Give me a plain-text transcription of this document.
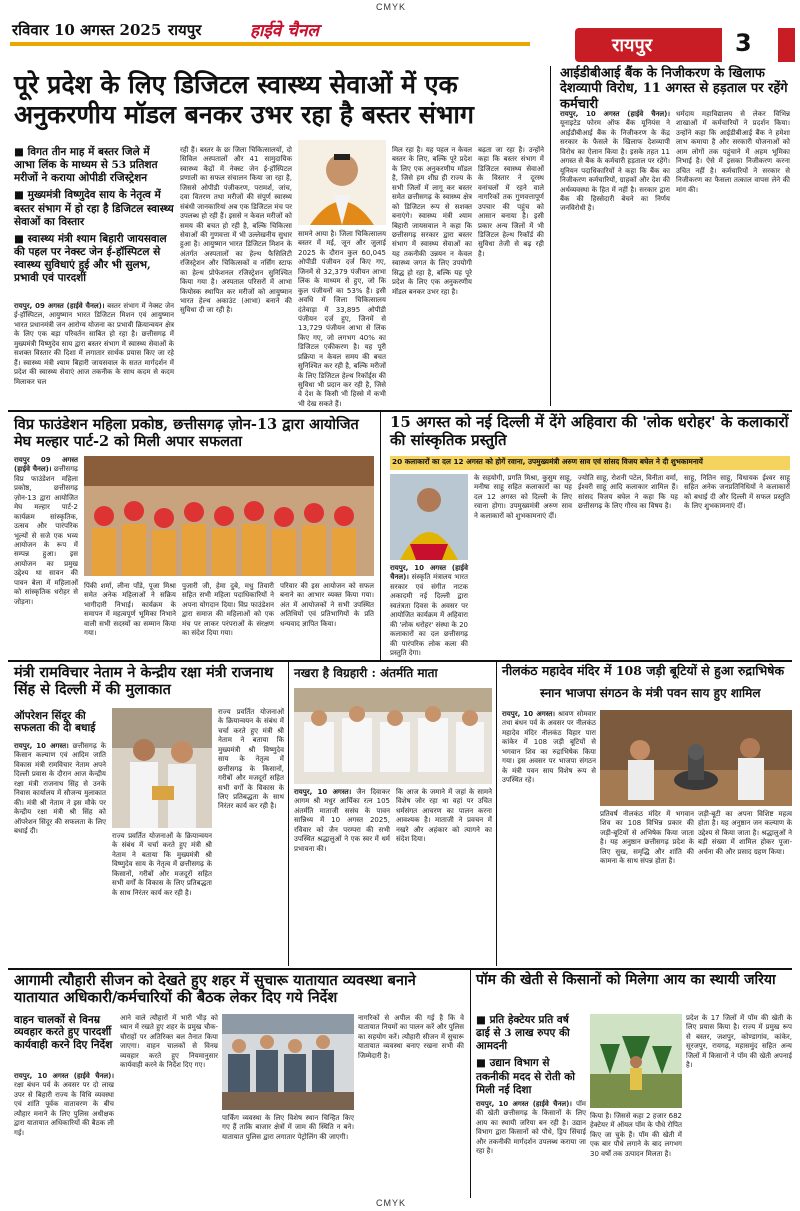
CMYK
CMYK
रविवार 10 अगस्त 2025 रायपुर	हाईवे चैनल
रायपुर	3
पूरे प्रदेश के लिए डिजिटल स्वास्थ्य सेवाओं में एक अनुकरणीय मॉडल बनकर उभर रहा है बस्तर संभाग
■ विगत तीन माह में बस्तर जिले में आभा लिंक के माध्यम से 53 प्रतिशत मरीजों ने कराया ओपीडी रजिस्ट्रेशन
■ मुख्यमंत्री विष्णुदेव साय के नेतृत्व में बस्तर संभाग में हो रहा है डिजिटल स्वास्थ्य सेवाओं का विस्तार
■ स्वास्थ्य मंत्री श्याम बिहारी जायसवाल की पहल पर नेक्स्ट जेन ई-हॉस्पिटल से स्वास्थ्य सुविधाएं हुई और भी सुलभ, प्रभावी एवं पारदर्शी
रायपुर, 09 अगस्त (हाईवे चैनल)। बस्तर संभाग में नेक्स्ट जेन ई-हॉस्पिटल, आयुष्मान भारत डिजिटल मिशन एवं आयुष्मान भारत प्रधानमंत्री जन आरोग्य योजना का प्रभावी क्रियान्वयन क्षेत्र के लिए एक बड़ा परिवर्तन साबित हो रहा है। छत्तीसगढ़ में मुख्यमंत्री विष्णुदेव साय द्वारा बस्तर संभाग में स्वास्थ्य सेवाओं के सशक्त विस्तार की दिशा में लगातार सार्थक प्रयास किए जा रहे हैं। स्वास्थ्य मंत्री श्याम बिहारी जायसवाल के सतत मार्गदर्शन में प्रदेश की स्वास्थ्य सेवाएं आज तकनीक के साथ कदम से कदम मिलाकर चल
रही हैं। बस्तर के छः जिला चिकित्सालयों, दो सिविल अस्पतालों और 41 सामुदायिक स्वास्थ्य केंद्रों में नेक्स्ट जेन ई-हॉस्पिटल प्रणाली का सफल संचालन किया जा रहा है, जिससे ओपीडी पंजीकरण, परामर्श, जांच, दवा वितरण तथा मरीजों की संपूर्ण स्वास्थ्य संबंधी जानकारियां अब एक डिजिटल मंच पर उपलब्ध हो रही हैं। इससे न केवल मरीजों को समय की बचत हो रही है, बल्कि चिकित्सा सेवाओं की गुणवत्ता में भी उल्लेखनीय सुधार हुआ है। आयुष्मान भारत डिजिटल मिशन के अंतर्गत अस्पतालों का हेल्थ फैसिलिटी रजिस्ट्रेशन और चिकित्सकों व नर्सिंग स्टाफ का हेल्थ प्रोफेशनल रजिस्ट्रेशन सुनिश्चित किया गया है। अस्पताल परिसरों में आभा कियोस्क स्थापित कर मरीजों को आयुष्मान भारत हेल्थ अकाउंट (आभा) बनाने की सुविधा दी जा रही है।
सामने आया है। जिला चिकित्सालय बस्तर में मई, जून और जुलाई 2025 के दौरान कुल 60,045 ओपीडी पंजीयन दर्ज किए गए, जिनमें से 32,379 पंजीयन आभा लिंक के माध्यम से हुए, जो कि कुल पंजीयनों का 53% है। इसी अवधि में जिला चिकित्सालय दंतेवाड़ा में 33,895 ओपीडी पंजीयन दर्ज हुए, जिनमें से 13,729 पंजीयन आभा से लिंक किए गए, जो लगभग 40% का डिजिटल एकीकरण है। यह पूरी प्रक्रिया न केवल समय की बचत सुनिश्चित कर रही है, बल्कि मरीजों के लिए डिजिटल हेल्थ रिकॉर्ड्स की सुविधा भी प्रदान कर रही है, जिसे वे देश के किसी भी हिस्से में कभी भी देख सकते हैं।
मिल रहा है। यह पहल न केवल बस्तर के लिए, बल्कि पूरे प्रदेश के लिए एक अनुकरणीय मॉडल है, जिसे हम शीघ्र ही राज्य के सभी जिलों में लागू कर बस्तर समेत छत्तीसगढ़ के स्वास्थ्य क्षेत्र को डिजिटल रूप से सशक्त बनाएंगे। स्वास्थ्य मंत्री श्याम बिहारी जायसवाल ने कहा कि छत्तीसगढ़ सरकार द्वारा बस्तर संभाग में स्वास्थ्य सेवाओं का यह तकनीकी उन्नयन न केवल स्वास्थ्य जगत के लिए उपयोगी सिद्ध हो रहा है, बल्कि यह पूरे प्रदेश के लिए एक अनुकरणीय मॉडल बनकर उभर रहा है।
बढ़ता जा रहा है। उन्होंने कहा कि बस्तर संभाग में डिजिटल स्वास्थ्य सेवाओं के विस्तार ने दूरस्थ वनांचलों में रहने वाले नागरिकों तक गुणवत्तापूर्ण उपचार की पहुंच को आसान बनाया है। इसी प्रकार अन्य जिलों में भी डिजिटल हेल्थ रिकॉर्ड की सुविधा तेजी से बढ़ रही है।
आईडीबीआई बैंक के निजीकरण के खिलाफ देशव्यापी विरोध, 11 अगस्त से हड़ताल पर रहेंगे कर्मचारी
रायपुर, 10 अगस्त (हाईवे चैनल)। यूनाइटेड फोरम ऑफ बैंक यूनियंस ने आईडीबीआई बैंक के निजीकरण के केंद्र सरकार के फैसले के खिलाफ देशव्यापी विरोध का ऐलान किया है। इसके तहत 11 अगस्त से बैंक के कर्मचारी हड़ताल पर रहेंगे। यूनियन पदाधिकारियों ने कहा कि बैंक का निजीकरण कर्मचारियों, ग्राहकों और देश की अर्थव्यवस्था के हित में नहीं है। सरकार द्वारा बैंक की हिस्सेदारी बेचने का निर्णय जनविरोधी है।
धर्मदाय महाविद्यालय से लेकर विभिन्न शाखाओं में कर्मचारियों ने प्रदर्शन किया। उन्होंने कहा कि आईडीबीआई बैंक ने हमेशा लाभ कमाया है और सरकारी योजनाओं को आम लोगों तक पहुंचाने में अहम भूमिका निभाई है। ऐसे में इसका निजीकरण करना उचित नहीं है। कर्मचारियों ने सरकार से निजीकरण का फैसला तत्काल वापस लेने की मांग की।
विप्र फाउंडेशन महिला प्रकोष्ठ, छत्तीसगढ़ ज़ोन-13 द्वारा आयोजित मेघ मल्हार पार्ट-2 को मिली अपार सफलता
रायपुर 09 अगस्त (हाईवे चैनल)। छत्तीसगढ़ विप्र फाउंडेशन महिला प्रकोष्ठ, छत्तीसगढ़ ज़ोन-13 द्वारा आयोजित मेघ मल्हार पार्ट-2 कार्यक्रम सांस्कृतिक, उत्सव और पारंपरिक भूल्यों से सजे एक भव्य आयोजन के रूप में सम्पन्न हुआ। इस आयोजन का प्रमुख उद्देश्य था सावन की पावन बेला में महिलाओं को सांस्कृतिक धरोहर से जोड़ना।
पिंकी शर्मा, लीना पाँडे, पूजा मिश्रा समेत अनेक महिलाओं ने सक्रिय भागीदारी निभाई। कार्यक्रम के समापन में महत्वपूर्ण भूमिका निभाने वाली सभी सदस्यों का सम्मान किया गया।
पुजारी जी, हेमा दुबे, मधु तिवारी सहित सभी महिला पदाधिकारियों ने अपना योगदान दिया। विप्र फाउंडेशन द्वारा समाज की महिलाओं को एक मंच पर लाकर परंपराओं के संरक्षण का संदेश दिया गया।
परिवार की इस आयोजन को सफल बनाने का आभार व्यक्त किया गया। अंत में आयोजकों ने सभी उपस्थित अतिथियों एवं प्रतिभागियों के प्रति धन्यवाद ज्ञापित किया।
15 अगस्त को नई दिल्ली में देंगे अहिवारा की 'लोक धरोहर' के कलाकारों की सांस्कृतिक प्रस्तुति
20 कलाकारों का दल 12 अगस्त को होगें रवाना, उपमुख्यमंत्री अरुण साव एवं सांसद विजय बघेल ने दी शुभकामनायें
रायपुर, 10 अगस्त (हाईवे चैनल)। संस्कृति मंत्रालय भारत सरकार एवं संगीत नाटक अकादमी नई दिल्ली द्वारा स्वतंत्रता दिवस के अवसर पर आयोजित कार्यक्रम में अहिवारा की 'लोक धरोहर' संस्था के 20 कलाकारों का दल छत्तीसगढ़ की पारंपरिक लोक कला की प्रस्तुति देगा।
के सहयोगी, प्रगति मिश्रा, कुसुम साहू, मनीषा साहू सहित कलाकारों का यह दल 12 अगस्त को दिल्ली के लिए रवाना होगा। उपमुख्यमंत्री अरुण साव ने कलाकारों को शुभकामनाएं दीं।
ज्योति साहू, रोशनी पटेल, विनीता वर्मा, ईश्वरी साहू आदि कलाकार शामिल हैं। सांसद विजय बघेल ने कहा कि यह छत्तीसगढ़ के लिए गौरव का विषय है।
साहू, नितिन साहू, विधायक ईश्वर साहू सहित अनेक जनप्रतिनिधियों ने कलाकारों को बधाई दी और दिल्ली में सफल प्रस्तुति के लिए शुभकामनाएं दीं।
मंत्री रामविचार नेताम ने केन्द्रीय रक्षा मंत्री राजनाथ सिंह से दिल्ली में की मुलाकात
ऑपरेशन सिंदूर की सफलता की दी बधाई
रायपुर, 10 अगस्त। छत्तीसगढ़ के किसान कल्याण एवं आदिम जाति विकास मंत्री रामविचार नेताम अपने दिल्ली प्रवास के दौरान आज केन्द्रीय रक्षा मंत्री राजनाथ सिंह से उनके निवास कार्यालय में सौजन्य मुलाकात की। मंत्री श्री नेताम ने इस मौके पर केन्द्रीय रक्षा मंत्री श्री सिंह को ऑपरेशन सिंदूर की सफलता के लिए बधाई दी।
राज्य प्रवर्तित योजनाओं के क्रियान्वयन के संबंध में चर्चा करते हुए मंत्री श्री नेताम ने बताया कि मुख्यमंत्री श्री विष्णुदेव साय के नेतृत्व में छत्तीसगढ़ के किसानों, गरीबों और मजदूरों सहित सभी वर्गों के विकास के लिए प्रतिबद्धता के साथ निरंतर कार्य कर रही है।
राज्य प्रवर्तित योजनाओं के क्रियान्वयन के संबंध में चर्चा करते हुए मंत्री श्री नेताम ने बताया कि मुख्यमंत्री श्री विष्णुदेव साय के नेतृत्व में छत्तीसगढ़ के किसानों, गरीबों और मजदूरों सहित सभी वर्गों के विकास के लिए प्रतिबद्धता के साथ निरंतर कार्य कर रही है।
नखरा है विग्रहारी : अंतर्मति माता
रायपुर, 10 अगस्त। जैन दिवाकर आगम श्री मधुर आर्यिका रत्न 105 अंतर्मति माताजी ससंघ के पावन सान्निध्य में 10 अगस्त 2025, रविवार को जैन परम्परा की सभी उपस्थित श्रद्धालुओं ने एक स्वर में धर्म प्रभावना की।
कि आज के जमाने में जहां के सामने विशेष जोर रहा था वहां पर उचित धर्मसंगत आचरण का पालन करना आवश्यक है। माताजी ने प्रवचन में नखरे और अहंकार को त्यागने का संदेश दिया।
नीलकंठ महादेव मंदिर में 108 जड़ी बूटियों से हुआ रुद्राभिषेक
स्नान भाजपा संगठन के मंत्री पवन साय हुए शामिल
रायपुर, 10 अगस्त। श्रावण सोमवार तथा बंधन पर्व के अवसर पर नीलकंठ महादेव मंदिर नीलकंठ विहार पारा कांकेर में 108 जड़ी बूटियों से भगवान शिव का रुद्राभिषेक किया गया। इस अवसर पर भाजपा संगठन के मंत्री पवन साय विशेष रूप से उपस्थित रहे।
प्रतिवर्ष नीलकंठ मंदिर में भगवान शिव का 108 विभिन्न प्रकार की जड़ी-बूटियों से अभिषेक किया जाता है। यह अनुष्ठान छत्तीसगढ़ प्रदेश के लिए सुख, समृद्धि और शांति की कामना के साथ संपन्न होता है।
जड़ी-बूटी का अपना विशिष्ट महत्व होता है। यह अनुष्ठान जन कल्याण के उद्देश्य से किया जाता है। श्रद्धालुओं ने बड़ी संख्या में शामिल होकर पूजा-अर्चना की और प्रसाद ग्रहण किया।
आगामी त्यौहारी सीजन को देखते हुए शहर में सुचारू यातायात व्यवस्था बनाने यातायात अधिकारी/कर्मचारियों की बैठक लेकर दिए गये निर्देश
वाहन चालकों से विनम्र व्यवहार करते हुए पारदर्शी कार्यवाही करने दिए निर्देश
रायपुर, 10 अगस्त (हाईवे चैनल)। रक्षा बंधन पर्व के अवसर पर दो लाख उपर से बिहारी राज्य के विधि व्यवस्था एवं शांति पूर्वक वातावरण के बीच त्यौहार मनाने के लिए पुलिस अधीक्षक द्वारा यातायात अधिकारियों की बैठक ली गई।
आने वाले त्यौहारों में भारी भीड़ को ध्यान में रखते हुए शहर के प्रमुख चौक-चौराहों पर अतिरिक्त बल तैनात किया जाएगा। वाहन चालकों से विनम्र व्यवहार करते हुए नियमानुसार कार्यवाही करने के निर्देश दिए गए।
पार्किंग व्यवस्था के लिए विशेष स्थान चिन्हित किए गए हैं ताकि बाजार क्षेत्रों में जाम की स्थिति न बने। यातायात पुलिस द्वारा लगातार पेट्रोलिंग की जाएगी।
नागरिकों से अपील की गई है कि वे यातायात नियमों का पालन करें और पुलिस का सहयोग करें। त्यौहारी सीजन में सुचारू यातायात व्यवस्था बनाए रखना सभी की जिम्मेदारी है।
पॉम की खेती से किसानों को मिलेगा आय का स्थायी जरिया
■ प्रति हेक्टेयर प्रति वर्ष ढाई से 3 लाख रुपए की आमदनी
■ उद्यान विभाग से तकनीकी मदद से रोती को मिली नई दिशा
रायपुर, 10 अगस्त (हाईवे चैनल)। पॉम की खेती छत्तीसगढ़ के किसानों के लिए आय का स्थायी जरिया बन रही है। उद्यान विभाग द्वारा किसानों को पौधे, ड्रिप सिंचाई और तकनीकी मार्गदर्शन उपलब्ध कराया जा रहा है।
किया है। जिससे कहा 2 हजार 682 हेक्टेयर में ऑयल पॉम के पौधे रोपित किए जा चुके हैं। पॉम की खेती में एक बार पौधे लगाने के बाद लगभग 30 वर्षों तक उत्पादन मिलता है।
प्रदेश के 17 जिलों में पॉम की खेती के लिए प्रयास किया है। राज्य में प्रमुख रूप से बस्तर, जशपुर, कोण्डागांव, कांकेर, सूरजपुर, रायगढ़, महासमुंद सहित अन्य जिलों में किसानों ने पॉम की खेती अपनाई है।
